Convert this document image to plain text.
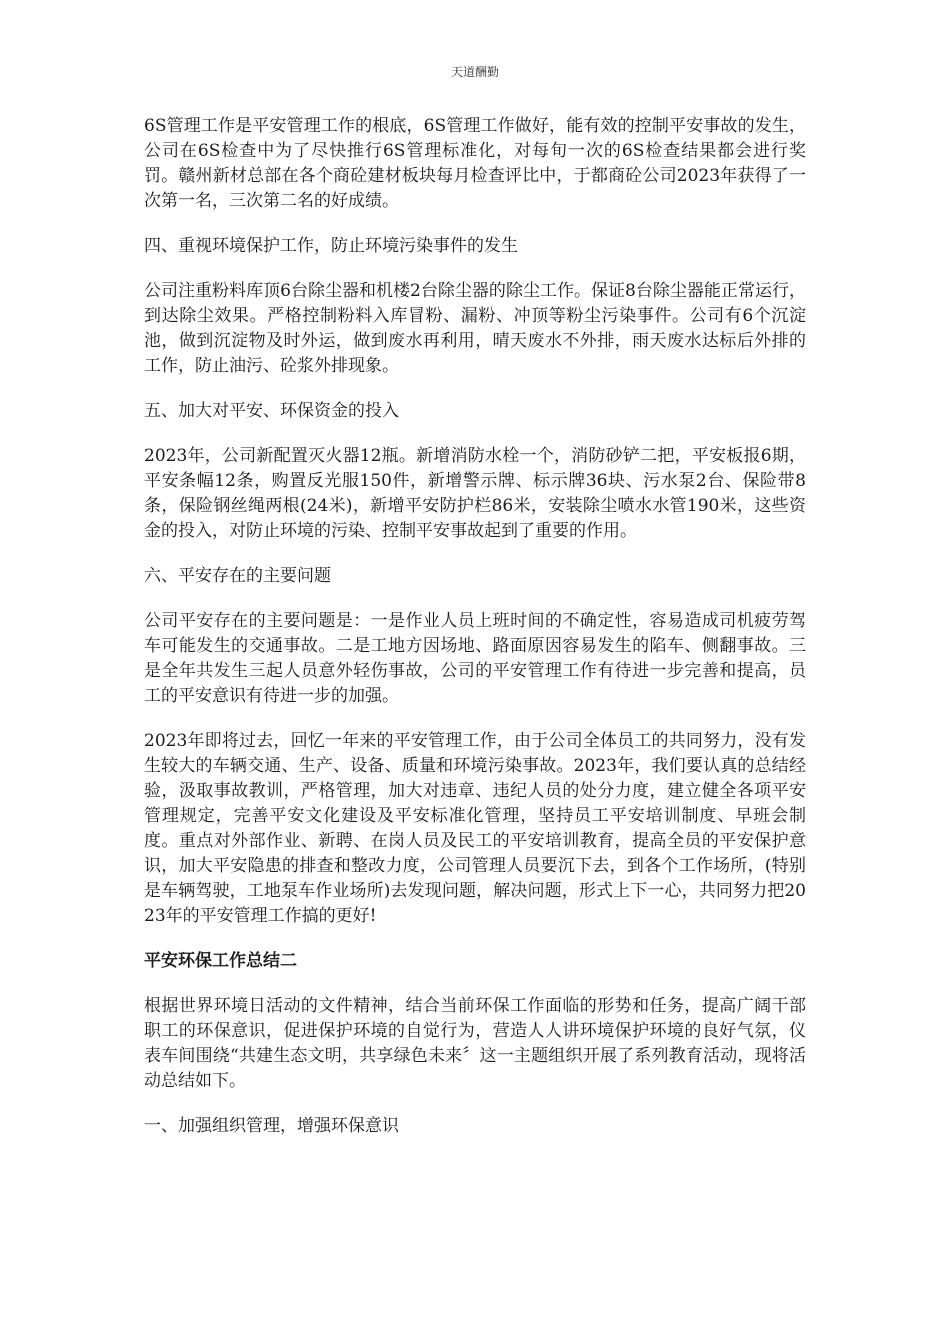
天道酬勤

6S管理工作是平安管理工作的根底，6S管理工作做好，能有效的控制平安事故的发生，公司在6S检查中为了尽快推行6S管理标准化，对每旬一次的6S检查结果都会进行奖罚。赣州新材总部在各个商砼建材板块每月检查评比中，于都商砼公司2023年获得了一次第一名，三次第二名的好成绩。

四、重视环境保护工作，防止环境污染事件的发生

公司注重粉料库顶6台除尘器和机楼2台除尘器的除尘工作。保证8台除尘器能正常运行，到达除尘效果。严格控制粉料入库冒粉、漏粉、冲顶等粉尘污染事件。公司有6个沉淀池，做到沉淀物及时外运，做到废水再利用，晴天废水不外排，雨天废水达标后外排的工作，防止油污、砼浆外排现象。

五、加大对平安、环保资金的投入

2023年，公司新配置灭火器12瓶。新增消防水栓一个，消防砂铲二把，平安板报6期，平安条幅12条，购置反光服150件，新增警示牌、标示牌36块、污水泵2台、保险带8条，保险钢丝绳两根(24米)，新增平安防护栏86米，安装除尘喷水水管190米，这些资金的投入，对防止环境的污染、控制平安事故起到了重要的作用。

六、平安存在的主要问题

公司平安存在的主要问题是：一是作业人员上班时间的不确定性，容易造成司机疲劳驾车可能发生的交通事故。二是工地方因场地、路面原因容易发生的陷车、侧翻事故。三是全年共发生三起人员意外轻伤事故，公司的平安管理工作有待进一步完善和提高，员工的平安意识有待进一步的加强。

2023年即将过去，回忆一年来的平安管理工作，由于公司全体员工的共同努力，没有发生较大的车辆交通、生产、设备、质量和环境污染事故。2023年，我们要认真的总结经验，汲取事故教训，严格管理，加大对违章、违纪人员的处分力度，建立健全各项平安管理规定，完善平安文化建设及平安标准化管理，坚持员工平安培训制度、早班会制度。重点对外部作业、新聘、在岗人员及民工的平安培训教育，提高全员的平安保护意识，加大平安隐患的排查和整改力度，公司管理人员要沉下去，到各个工作场所，(特别是车辆驾驶，工地泵车作业场所)去发现问题，解决问题，形式上下一心，共同努力把2023年的平安管理工作搞的更好!

平安环保工作总结二

根据世界环境日活动的文件精神，结合当前环保工作面临的形势和任务，提高广阔干部职工的环保意识，促进保护环境的自觉行为，营造人人讲环境保护环境的良好气氛，仪表车间围绕“共建生态文明，共享绿色未来〞这一主题组织开展了系列教育活动，现将活动总结如下。

一、加强组织管理，增强环保意识
